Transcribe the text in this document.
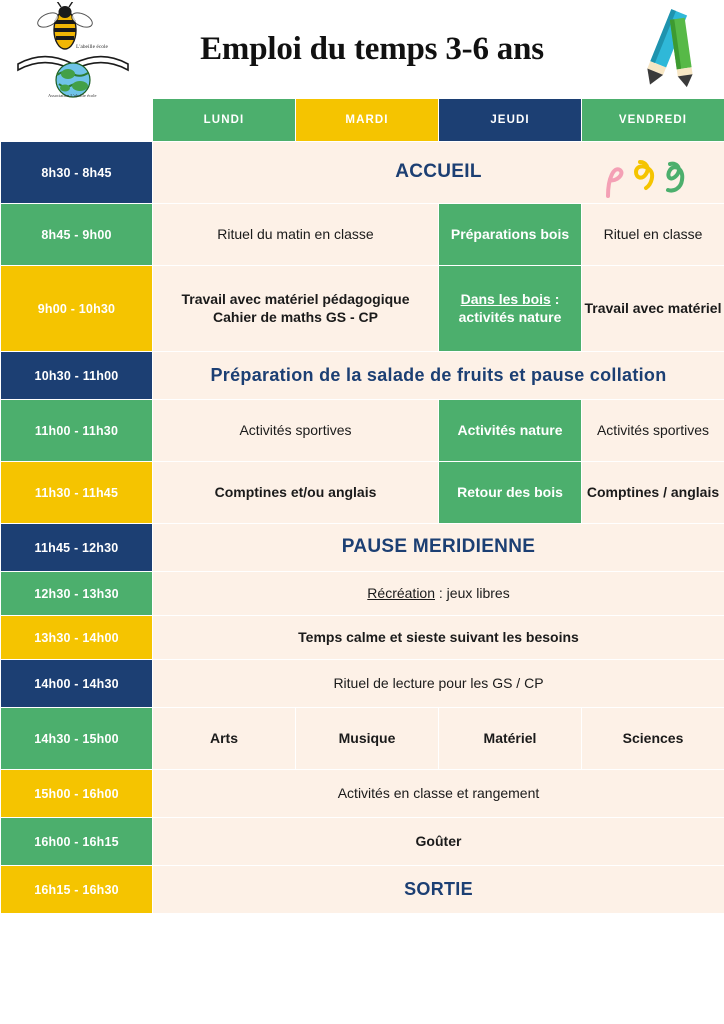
L'abeille école
Association L'abeille école
Emploi du temps 3-6 ans
	LUNDI	MARDI	JEUDI	VENDREDI
8h30 - 8h45	ACCUEIL			
8h45 - 9h00	Rituel du matin en classe		Préparations bois	Rituel en classe
9h00 - 10h30	Travail avec matériel pédagogique
Cahier de maths GS - CP		Dans les bois : activités nature	Travail avec matériel
10h30 - 11h00	Préparation de la salade de fruits et pause collation			
11h00 - 11h30	Activités sportives		Activités nature	Activités sportives
11h30 - 11h45	Comptines et/ou anglais		Retour des bois	Comptines / anglais
11h45 - 12h30	PAUSE MERIDIENNE			
12h30 - 13h30	Récréation : jeux libres			
13h30 - 14h00	Temps calme et sieste suivant les besoins			
14h00 - 14h30	Rituel de lecture pour les GS / CP			
14h30 - 15h00	Arts	Musique	Matériel	Sciences
15h00 - 16h00	Activités en classe et rangement			
16h00 - 16h15	Goûter			
16h15 - 16h30	SORTIE			
